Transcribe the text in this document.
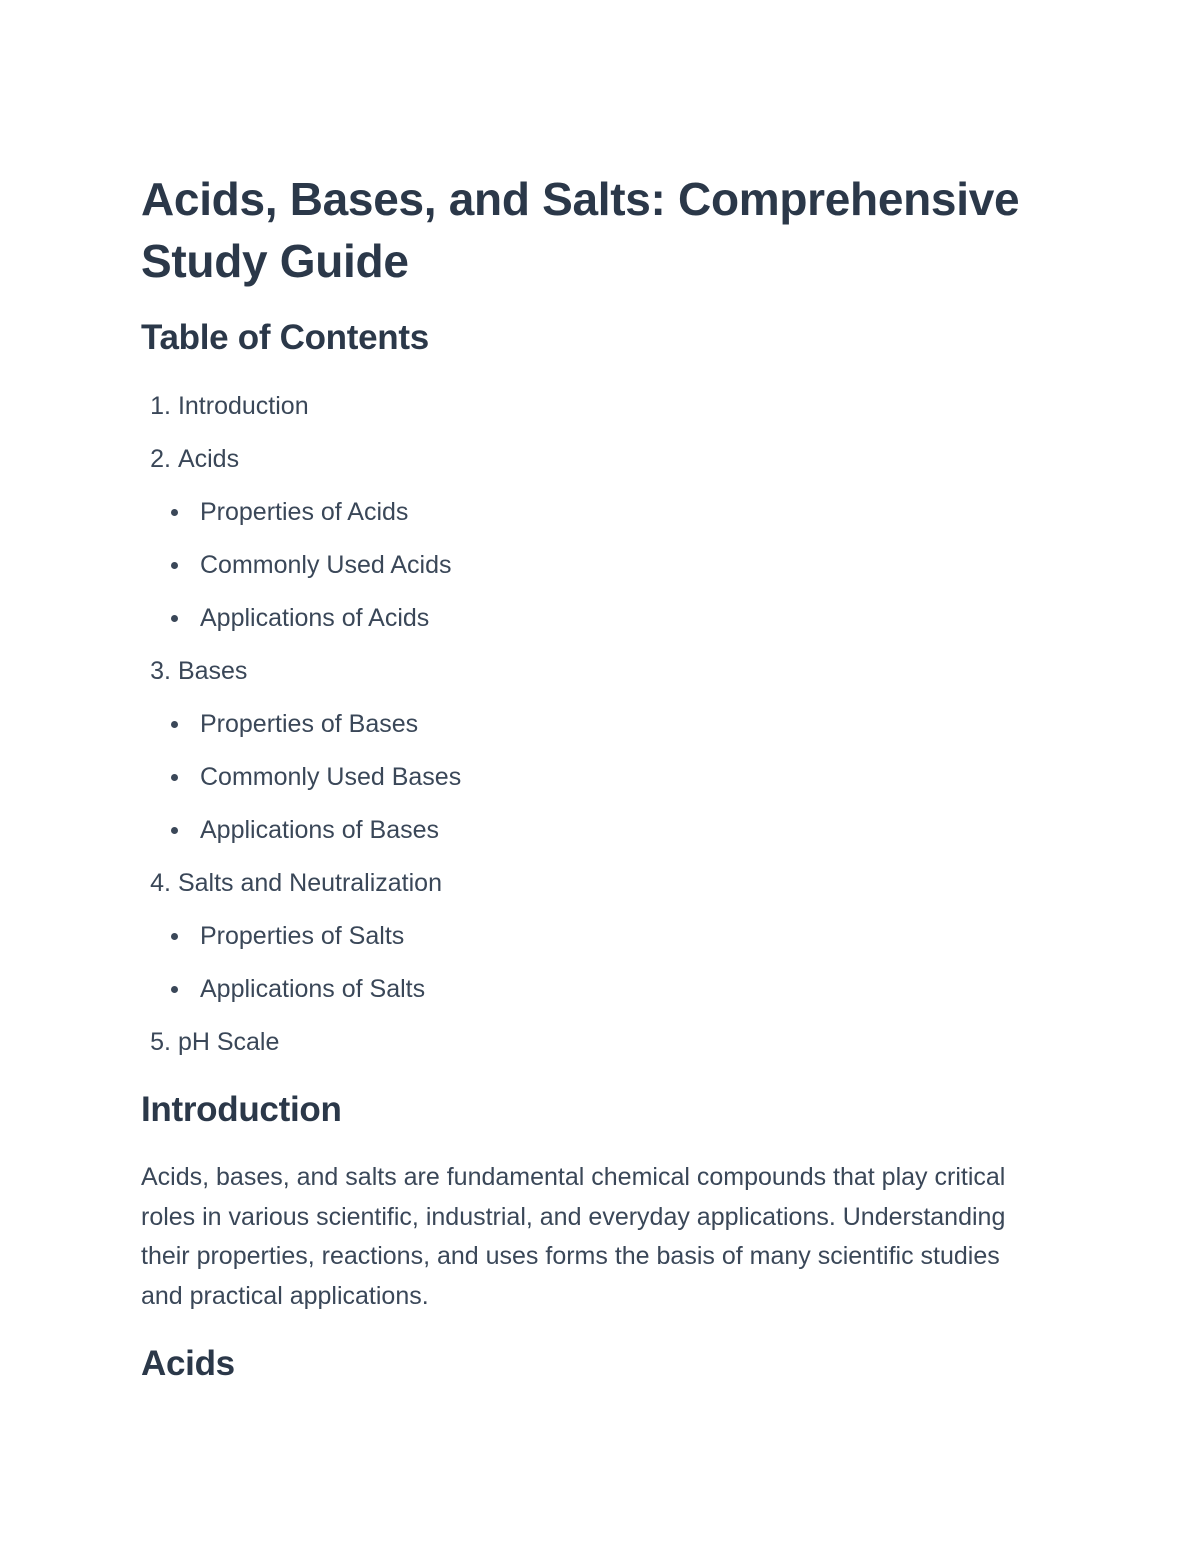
Acids, Bases, and Salts: Comprehensive Study Guide
Table of Contents
1.
Introduction
2.
Acids
Properties of Acids
Commonly Used Acids
Applications of Acids
3.
Bases
Properties of Bases
Commonly Used Bases
Applications of Bases
4.
Salts and Neutralization
Properties of Salts
Applications of Salts
5.
pH Scale
Introduction

Acids, bases, and salts are fundamental chemical compounds that play critical roles in various scientific, industrial, and everyday applications. Understanding their properties, reactions, and uses forms the basis of many scientific studies and practical applications.

Acids
